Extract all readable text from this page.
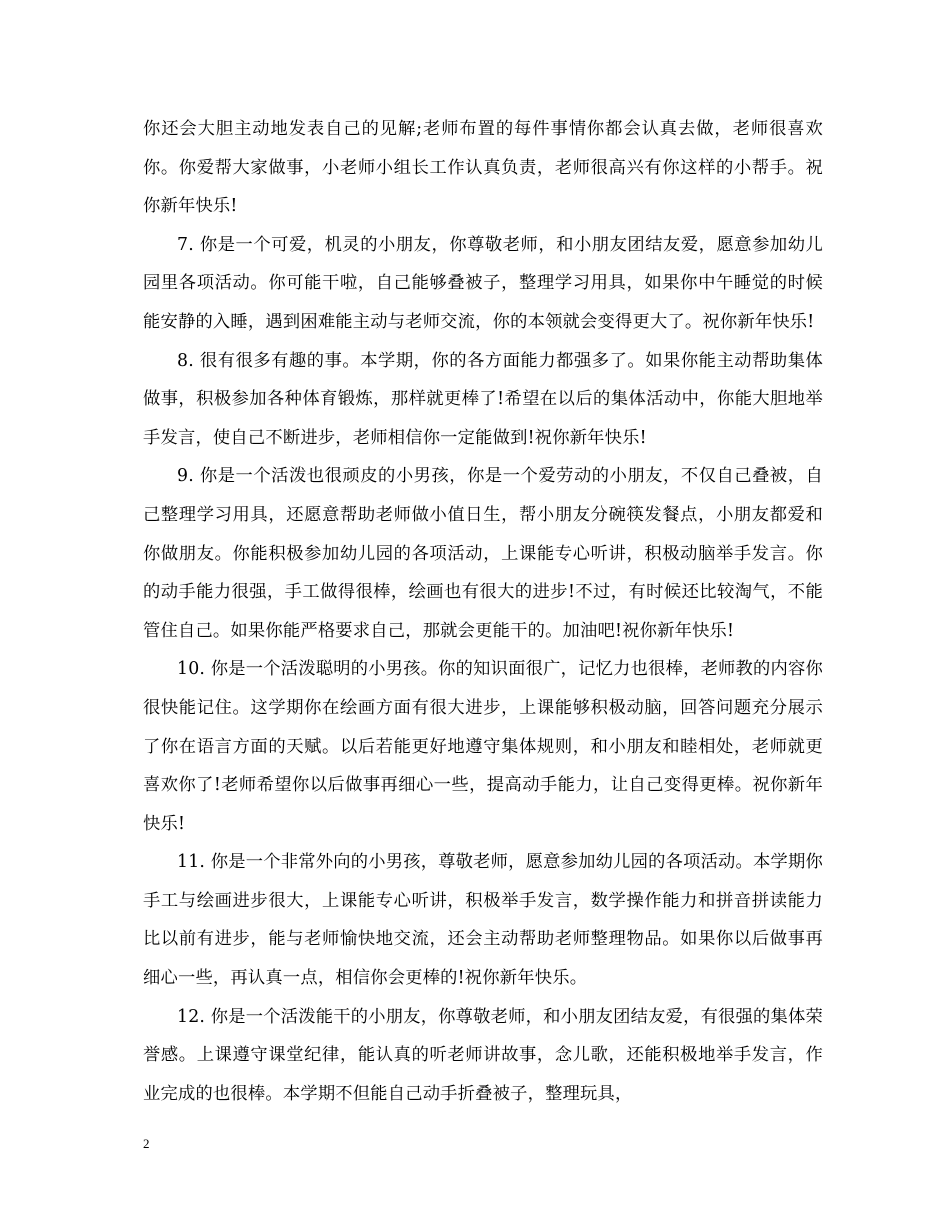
你还会大胆主动地发表自己的见解;老师布置的每件事情你都会认真去做，老师很喜欢你。你爱帮大家做事，小老师小组长工作认真负责，老师很高兴有你这样的小帮手。祝你新年快乐!

7. 你是一个可爱，机灵的小朋友，你尊敬老师，和小朋友团结友爱，愿意参加幼儿园里各项活动。你可能干啦，自己能够叠被子，整理学习用具，如果你中午睡觉的时候能安静的入睡，遇到困难能主动与老师交流，你的本领就会变得更大了。祝你新年快乐!

8. 很有很多有趣的事。本学期，你的各方面能力都强多了。如果你能主动帮助集体做事，积极参加各种体育锻炼，那样就更棒了!希望在以后的集体活动中，你能大胆地举手发言，使自己不断进步，老师相信你一定能做到!祝你新年快乐!

9. 你是一个活泼也很顽皮的小男孩，你是一个爱劳动的小朋友，不仅自己叠被，自己整理学习用具，还愿意帮助老师做小值日生，帮小朋友分碗筷发餐点，小朋友都爱和你做朋友。你能积极参加幼儿园的各项活动，上课能专心听讲，积极动脑举手发言。你的动手能力很强，手工做得很棒，绘画也有很大的进步!不过，有时候还比较淘气，不能管住自己。如果你能严格要求自己，那就会更能干的。加油吧!祝你新年快乐!

10. 你是一个活泼聪明的小男孩。你的知识面很广，记忆力也很棒，老师教的内容你很快能记住。这学期你在绘画方面有很大进步，上课能够积极动脑，回答问题充分展示了你在语言方面的天赋。以后若能更好地遵守集体规则，和小朋友和睦相处，老师就更喜欢你了!老师希望你以后做事再细心一些，提高动手能力，让自己变得更棒。祝你新年快乐!

11. 你是一个非常外向的小男孩，尊敬老师，愿意参加幼儿园的各项活动。本学期你手工与绘画进步很大，上课能专心听讲，积极举手发言，数学操作能力和拼音拼读能力比以前有进步，能与老师愉快地交流，还会主动帮助老师整理物品。如果你以后做事再细心一些，再认真一点，相信你会更棒的!祝你新年快乐。

12. 你是一个活泼能干的小朋友，你尊敬老师，和小朋友团结友爱，有很强的集体荣誉感。上课遵守课堂纪律，能认真的听老师讲故事，念儿歌，还能积极地举手发言，作业完成的也很棒。本学期不但能自己动手折叠被子，整理玩具，

2
